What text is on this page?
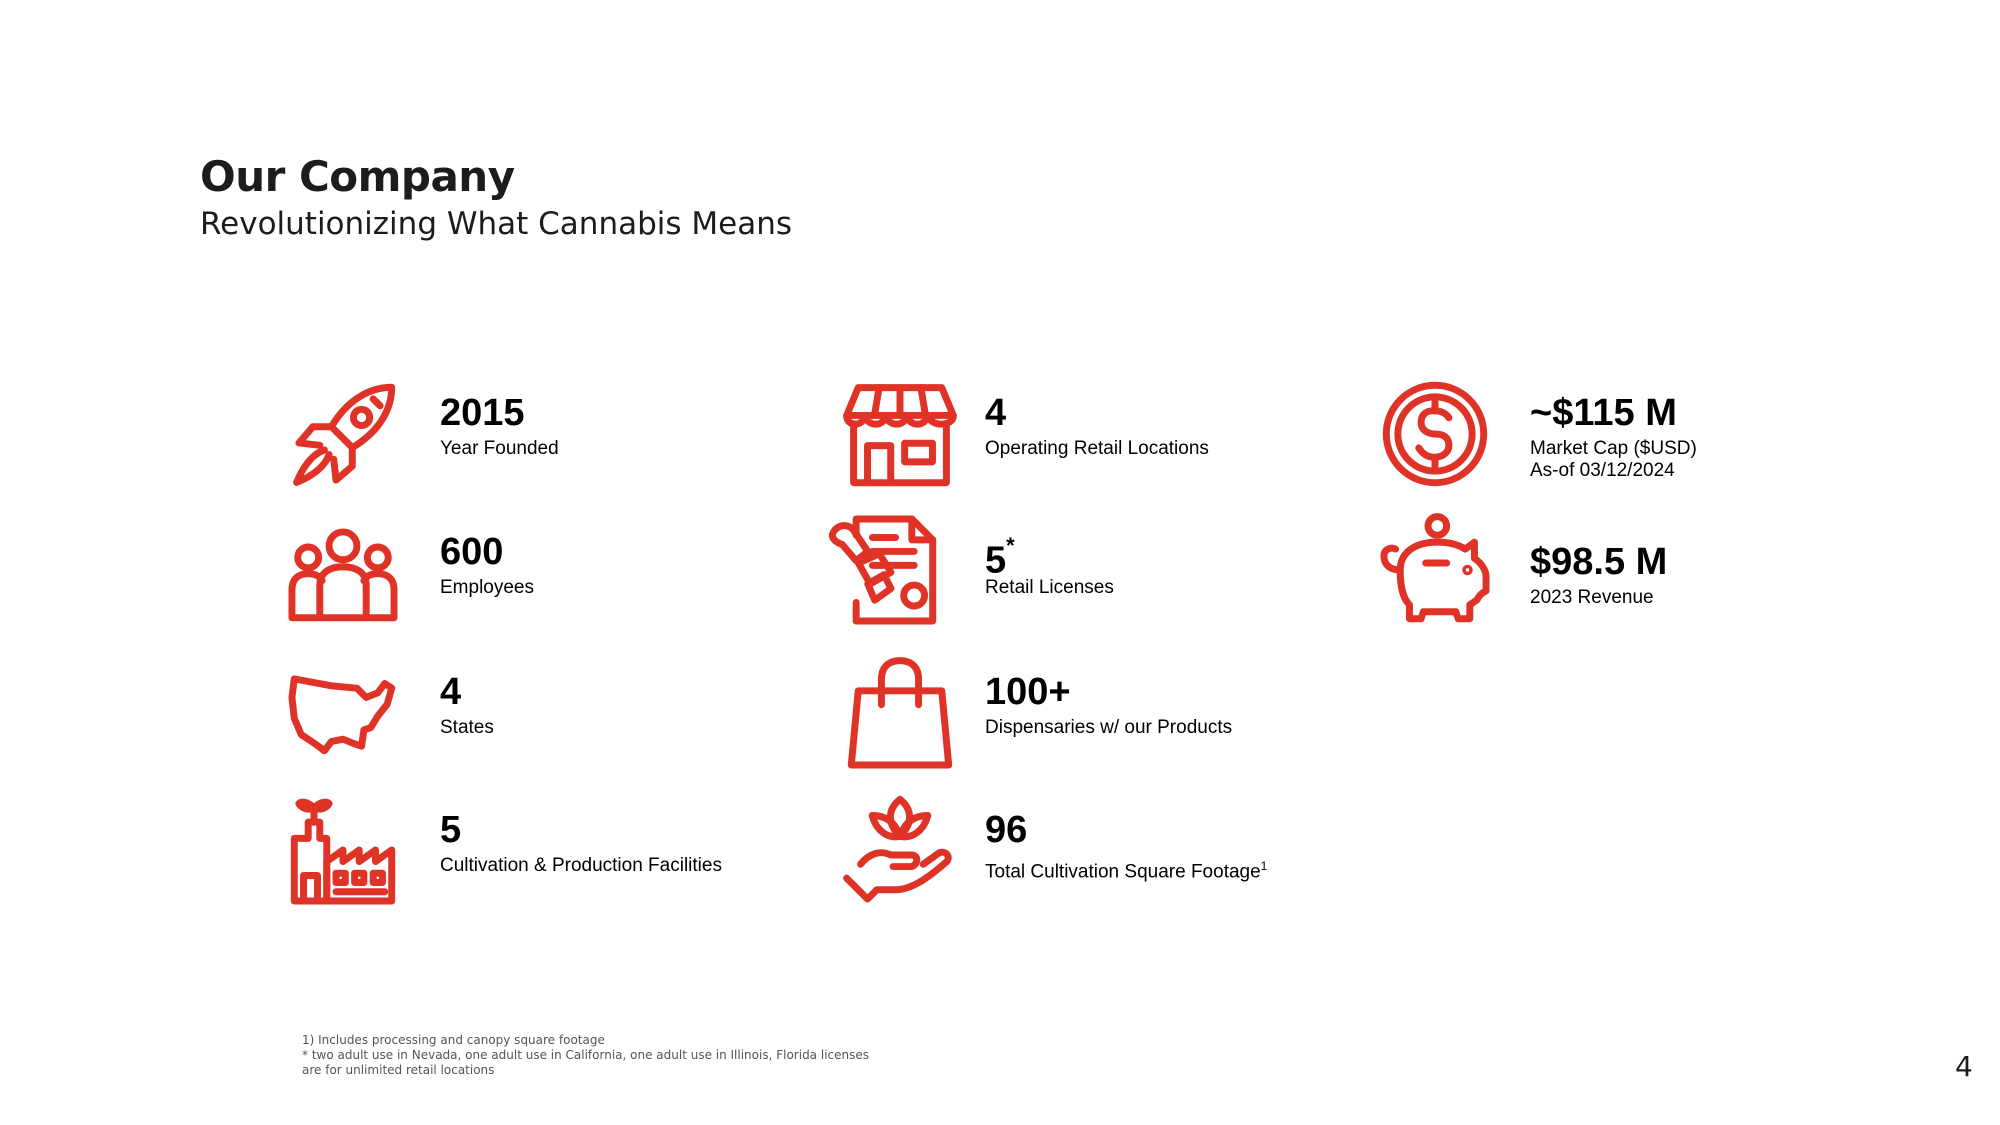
Our Company
Revolutionizing What Cannabis Means
2015
Year Founded
600
Employees
4
States
5
Cultivation & Production Facilities
4
Operating Retail Locations
5*
Retail Licenses
100+
Dispensaries w/ our Products
96
Total Cultivation Square Footage$^1$
~$115 M
Market Cap ($USD)
As-of 03/12/2024
$98.5 M
2023 Revenue
1) Includes processing and canopy square footage
* two adult use in Nevada, one adult use in California, one adult use in Illinois, Florida licenses
are for unlimited retail locations	4
